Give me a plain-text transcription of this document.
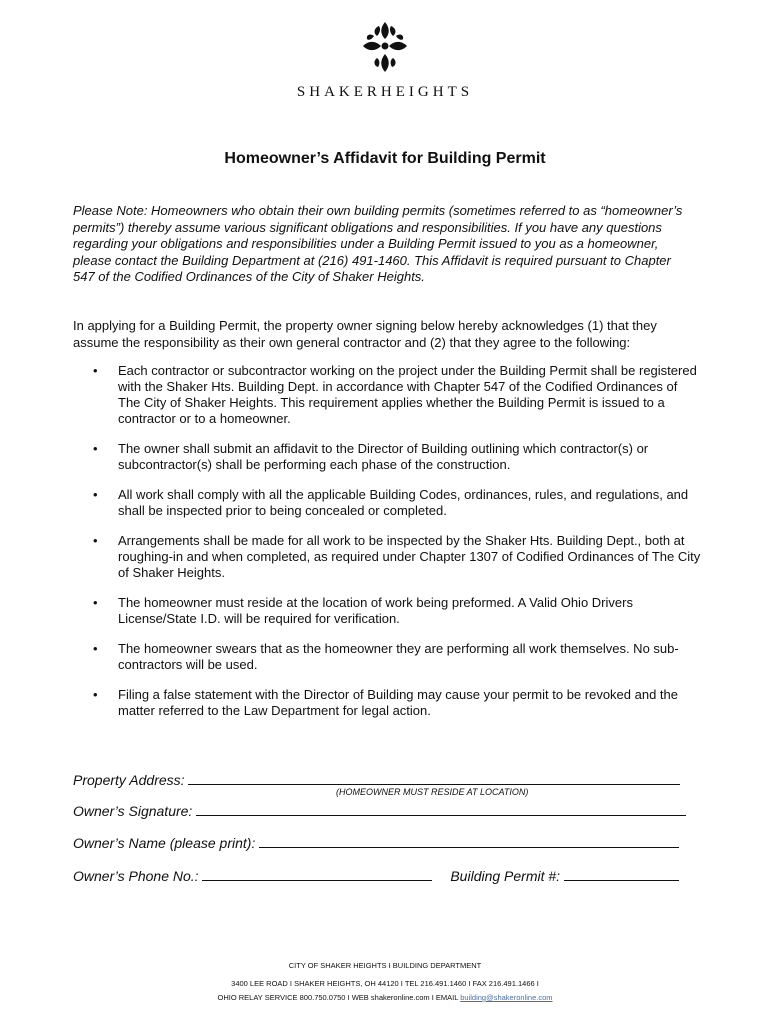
SHAKERHEIGHTS
Homeowner’s Affidavit for Building Permit
Please Note: Homeowners who obtain their own building permits (sometimes referred to as “homeowner’s permits”) thereby assume various significant obligations and responsibilities. If you have any questions regarding your obligations and responsibilities under a Building Permit issued to you as a homeowner, please contact the Building Department at (216) 491-1460. This Affidavit is required pursuant to Chapter 547 of the Codified Ordinances of the City of Shaker Heights.
In applying for a Building Permit, the property owner signing below hereby acknowledges (1) that they assume the responsibility as their own general contractor and (2) that they agree to the following:
• Each contractor or subcontractor working on the project under the Building Permit shall be registered with the Shaker Hts. Building Dept. in accordance with Chapter 547 of the Codified Ordinances of The City of Shaker Heights. This requirement applies whether the Building Permit is issued to a contractor or to a homeowner.
• The owner shall submit an affidavit to the Director of Building outlining which contractor(s) or subcontractor(s) shall be performing each phase of the construction.
• All work shall comply with all the applicable Building Codes, ordinances, rules, and regulations, and shall be inspected prior to being concealed or completed.
• Arrangements shall be made for all work to be inspected by the Shaker Hts. Building Dept., both at roughing-in and when completed, as required under Chapter 1307 of Codified Ordinances of The City of Shaker Heights.
• The homeowner must reside at the location of work being preformed. A Valid Ohio Drivers License/State I.D. will be required for verification.
• The homeowner swears that as the homeowner they are performing all work themselves. No sub-contractors will be used.
• Filing a false statement with the Director of Building may cause your permit to be revoked and the matter referred to the Law Department for legal action.
Property Address:
(HOMEOWNER MUST RESIDE AT LOCATION)
Owner’s Signature:
Owner’s Name (please print):
Owner’s Phone No.:	Building Permit #:
CITY OF SHAKER HEIGHTS I BUILDING DEPARTMENT
3400 LEE ROAD I SHAKER HEIGHTS, OH 44120 I TEL 216.491.1460 I FAX 216.491.1466 I
OHIO RELAY SERVICE 800.750.0750 I WEB shakeronline.com I EMAIL building@shakeronline.com
